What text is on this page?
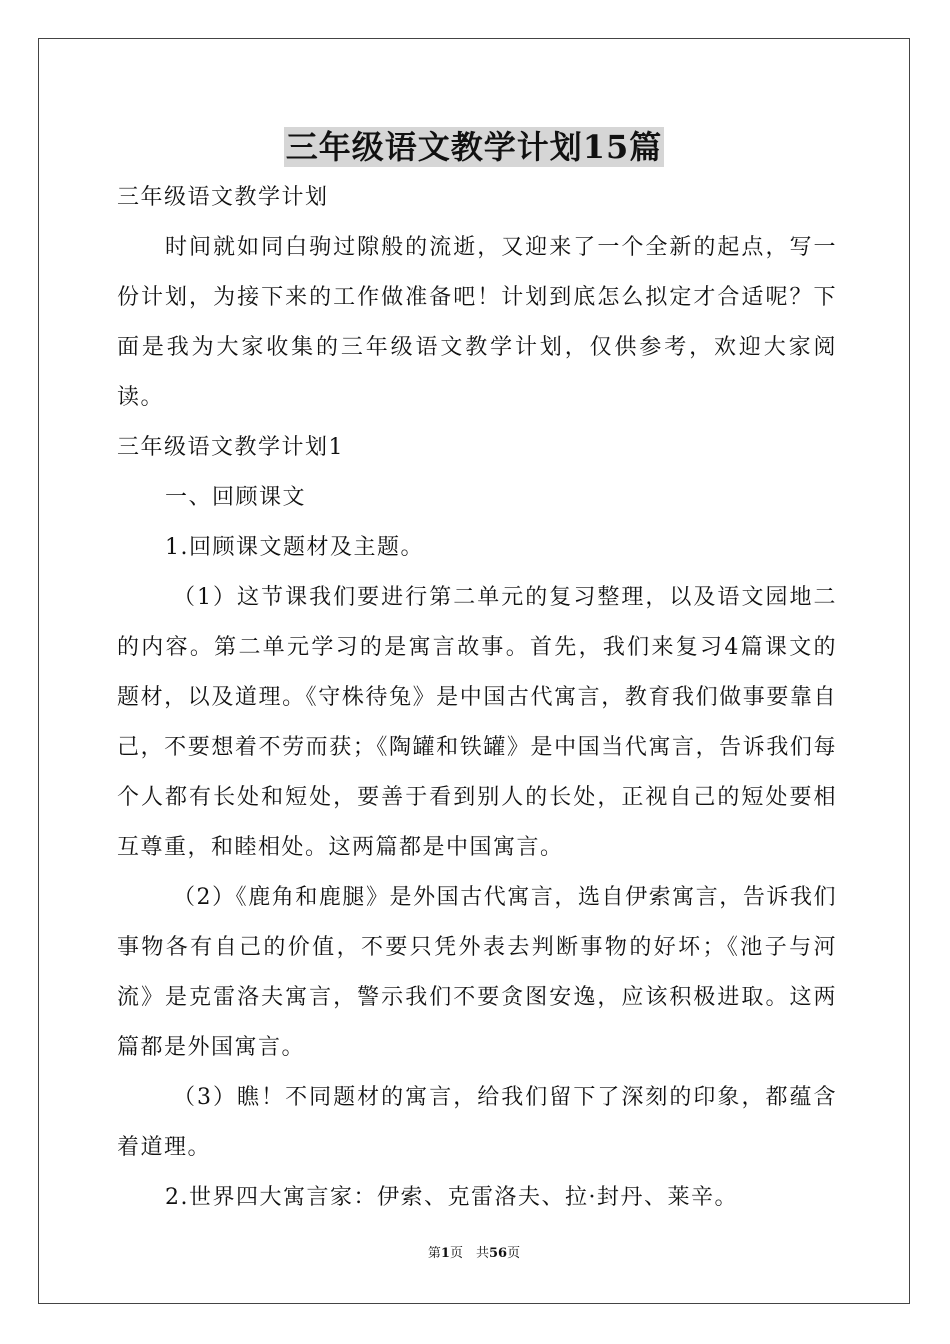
三年级语文教学计划15篇

三年级语文教学计划

时间就如同白驹过隙般的流逝，又迎来了一个全新的起点，写一份计划，为接下来的工作做准备吧！计划到底怎么拟定才合适呢？下面是我为大家收集的三年级语文教学计划，仅供参考，欢迎大家阅读。

三年级语文教学计划1

一、回顾课文

1.回顾课文题材及主题。

（1）这节课我们要进行第二单元的复习整理，以及语文园地二的内容。第二单元学习的是寓言故事。首先，我们来复习4篇课文的题材，以及道理。《守株待兔》是中国古代寓言，教育我们做事要靠自己，不要想着不劳而获；《陶罐和铁罐》是中国当代寓言，告诉我们每个人都有长处和短处，要善于看到别人的长处，正视自己的短处要相互尊重，和睦相处。这两篇都是中国寓言。

（2）《鹿角和鹿腿》是外国古代寓言，选自伊索寓言，告诉我们事物各有自己的价值，不要只凭外表去判断事物的好坏；《池子与河流》是克雷洛夫寓言，警示我们不要贪图安逸，应该积极进取。这两篇都是外国寓言。

（3）瞧！不同题材的寓言，给我们留下了深刻的印象，都蕴含着道理。

2.世界四大寓言家：伊索、克雷洛夫、拉·封丹、莱辛。

第1页　共56页
